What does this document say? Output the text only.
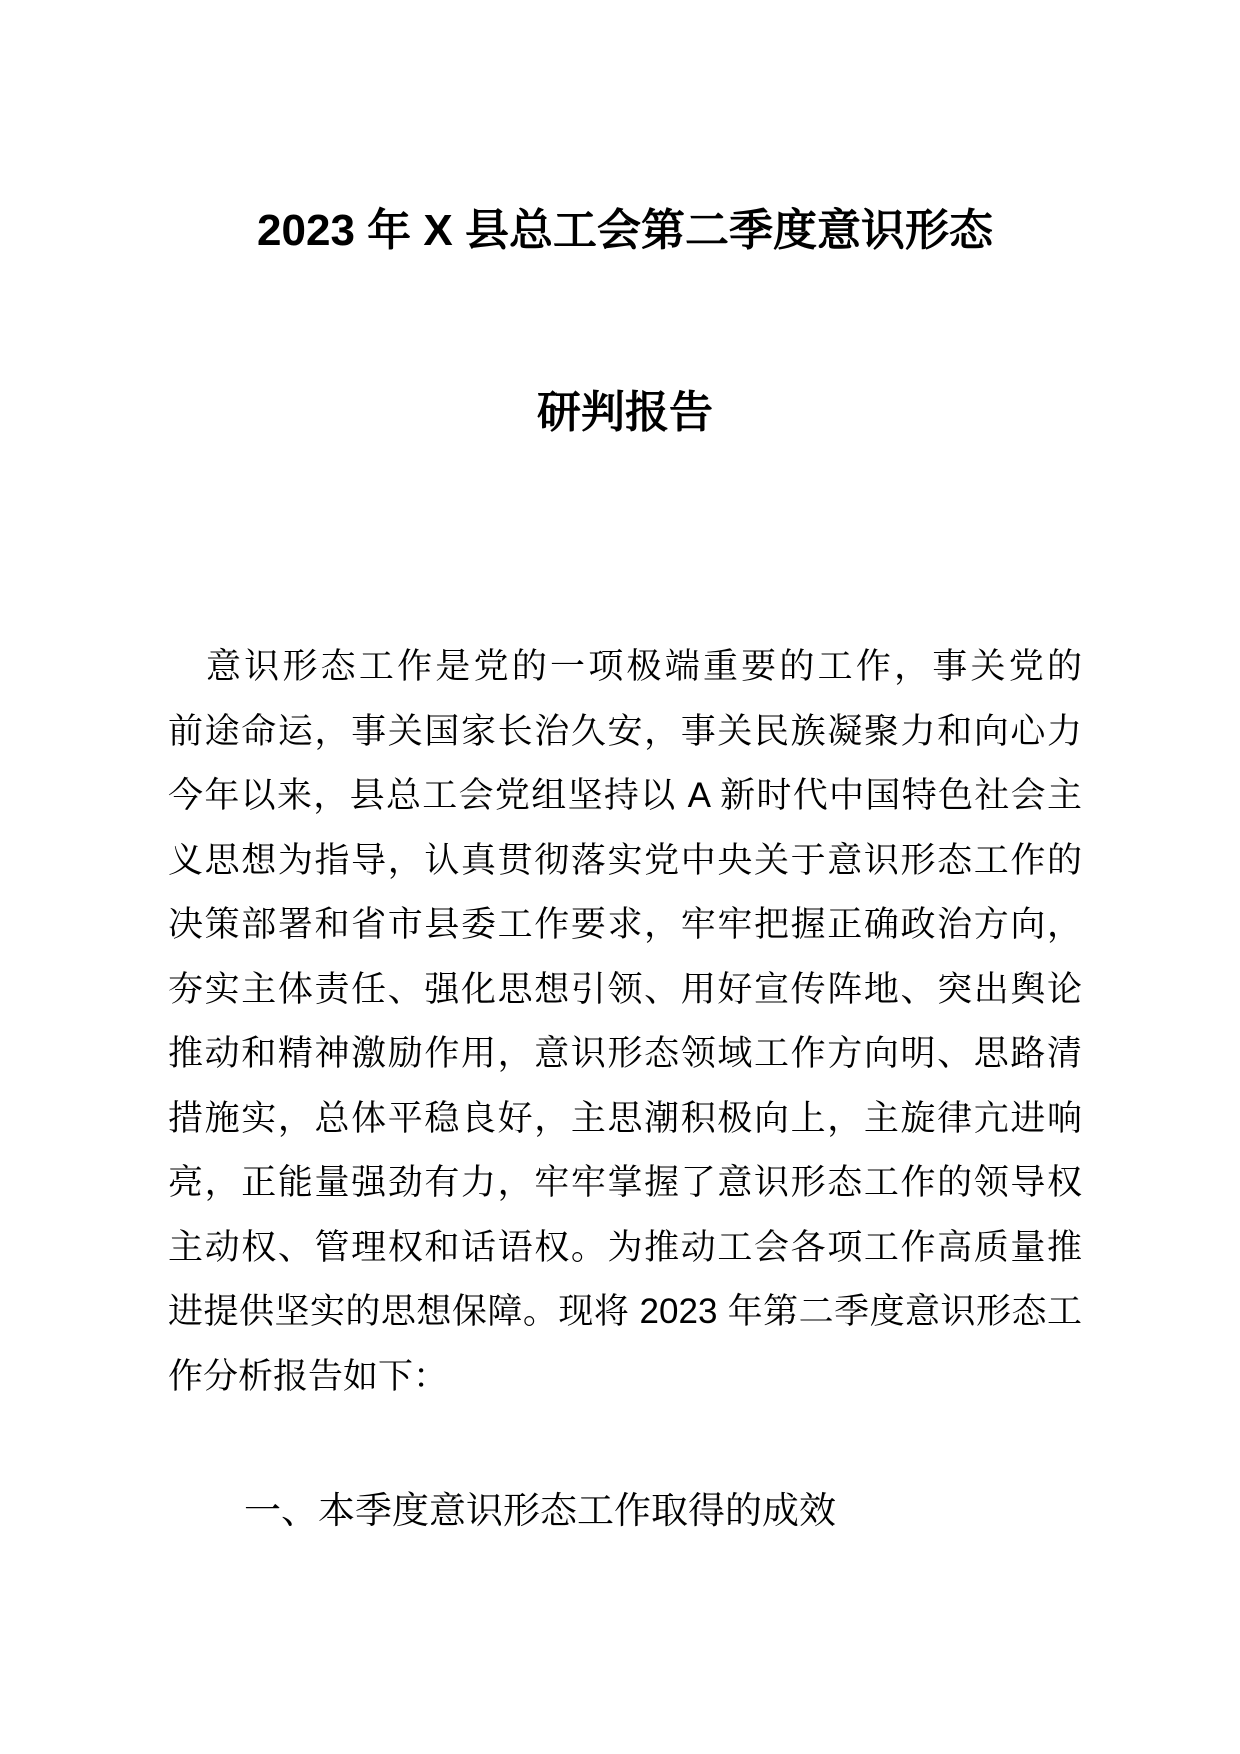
2023 年 X 县总工会第二季度意识形态
研判报告
意识形态工作是党的一项极端重要的工作，事关党的
前途命运，事关国家长治久安，事关民族凝聚力和向心力
今年以来，县总工会党组坚持以 A 新时代中国特色社会主
义思想为指导，认真贯彻落实党中央关于意识形态工作的
决策部署和省市县委工作要求，牢牢把握正确政治方向，
夯实主体责任、强化思想引领、用好宣传阵地、突出舆论
推动和精神激励作用，意识形态领域工作方向明、思路清
措施实，总体平稳良好，主思潮积极向上，主旋律亢进响
亮，正能量强劲有力，牢牢掌握了意识形态工作的领导权
主动权、管理权和话语权。为推动工会各项工作高质量推
进提供坚实的思想保障。现将 2023 年第二季度意识形态工
作分析报告如下：
一、本季度意识形态工作取得的成效
